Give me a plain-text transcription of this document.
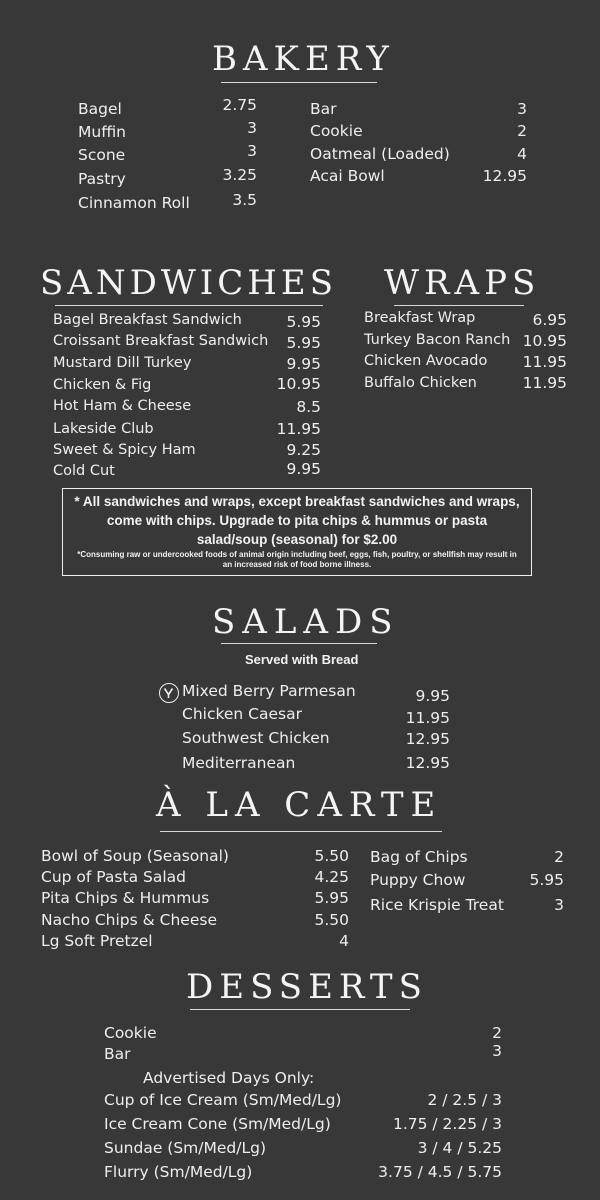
BAKERY
Bagel	2.75
Muffin	3
Scone	3
Pastry	3.25
Cinnamon Roll	3.5
Bar	3
Cookie	2
Oatmeal (Loaded)	4
Acai Bowl	12.95
SANDWICHES
Bagel Breakfast Sandwich	5.95
Croissant Breakfast Sandwich 5.95
Mustard Dill Turkey	9.95
Chicken & Fig	10.95
Hot Ham & Cheese	8.5
Lakeside Club	11.95
Sweet & Spicy Ham	9.25
Cold Cut	9.95
WRAPS
Breakfast Wrap	6.95
Turkey Bacon Ranch 10.95
Chicken Avocado 11.95
Buffalo Chicken	11.95
* All sandwiches and wraps, except breakfast sandwiches and wraps, come with chips. Upgrade to pita chips & hummus or pasta salad/soup (seasonal) for $2.00
*Consuming raw or undercooked foods of animal origin including beef, eggs, fish, poultry, or shellfish may result in an increased risk of food borne illness.
SALADS
Served with Bread
Mixed Berry Parmesan	9.95
Chicken Caesar	11.95
Southwest Chicken	12.95
Mediterranean	12.95
À LA CARTE
Bowl of Soup (Seasonal)	5.50
Cup of Pasta Salad	4.25
Pita Chips & Hummus	5.95
Nacho Chips & Cheese	5.50
Lg Soft Pretzel	4
Bag of Chips	2
Puppy Chow	5.95
Rice Krispie Treat	3
DESSERTS
Cookie	2
Bar	3
Advertised Days Only:
Cup of Ice Cream (Sm/Med/Lg)	2 / 2.5 / 3
Ice Cream Cone (Sm/Med/Lg)	1.75 / 2.25 / 3
Sundae (Sm/Med/Lg)	3 / 4 / 5.25
Flurry (Sm/Med/Lg)	3.75 / 4.5 / 5.75
